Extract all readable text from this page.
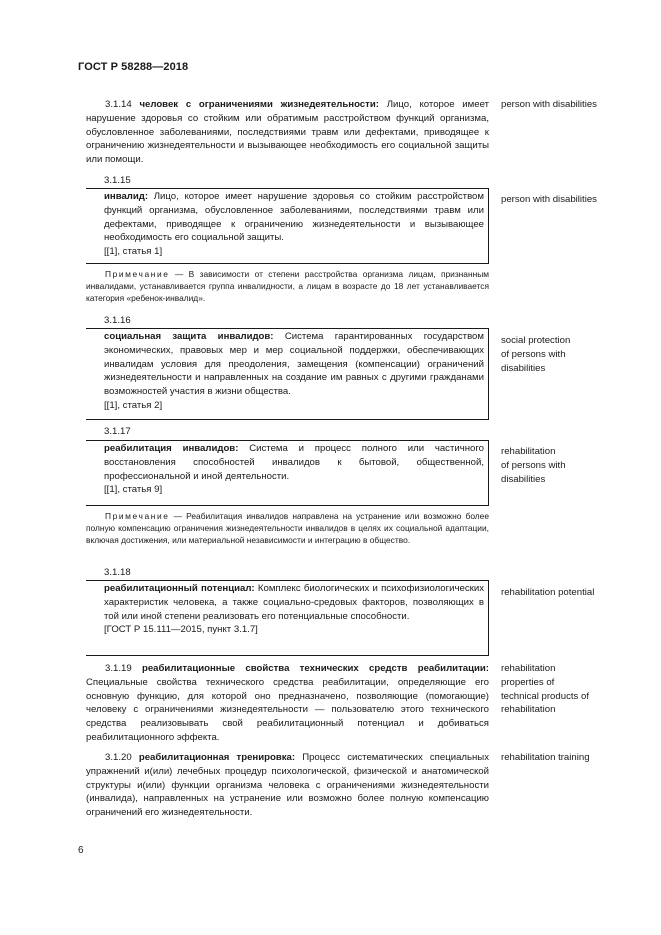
ГОСТ Р 58288—2018

3.1.14 человек с ограничениями жизнедеятельности: Лицо, которое имеет нарушение здоровья со стойким или обратимым расстройством функций организма, обусловленное заболеваниями, последствиями травм или дефектами, приводящее к ограничению жизнедеятельности и вызывающее необходимость его социальной защиты или помощи.

person with disabilities
3.1.15

инвалид: Лицо, которое имеет нарушение здоровья со стойким расстройством функций организма, обусловленное заболеваниями, последствиями травм или дефектами, приводящее к ограничению жизнедеятельности и вызывающее необходимость его социальной защиты.

[[1], статья 1]

person with disabilities

Примечание — В зависимости от степени расстройства организма лицам, признанным инвалидами, устанавливается группа инвалидности, а лицам в возрасте до 18 лет устанавливается категория «ребенок-инвалид».

3.1.16

социальная защита инвалидов: Система гарантированных государством экономических, правовых мер и мер социальной поддержки, обеспечивающих инвалидам условия для преодоления, замещения (компенсации) ограничений жизнедеятельности и направленных на создание им равных с другими гражданами возможностей участия в жизни общества.

[[1], статья 2]

social protection
of persons with
disabilities
3.1.17

реабилитация инвалидов: Система и процесс полного или частичного восстановления способностей инвалидов к бытовой, общественной, профессиональной и иной деятельности.

[[1], статья 9]

rehabilitation
of persons with
disabilities

Примечание — Реабилитация инвалидов направлена на устранение или возможно более полную компенсацию ограничения жизнедеятельности инвалидов в целях их социальной адаптации, включая достижения, или материальной независимости и интеграцию в общество.

3.1.18

реабилитационный потенциал: Комплекс биологических и психофизиологических характеристик человека, а также социально-средовых факторов, позволяющих в той или иной степени реализовать его потенциальные способности.

[ГОСТ Р 15.111—2015, пункт 3.1.7]

rehabilitation potential

3.1.19 реабилитационные свойства технических средств реабилитации: Специальные свойства технического средства реабилитации, определяющие его основную функцию, для которой оно предназначено, позволяющие (помогающие) человеку с ограничениями жизнедеятельности — пользователю этого технического средства реализовывать свой реабилитационный потенциал и добиваться реабилитационного эффекта.

rehabilitation
properties of
technical products of
rehabilitation

3.1.20 реабилитационная тренировка: Процесс систематических специальных упражнений и(или) лечебных процедур психологической, физической и анатомической структуры и(или) функции организма человека с ограничениями жизнедеятельности (инвалида), направленных на устранение или возможно более полную компенсацию ограничений его жизнедеятельности.

rehabilitation training
6
